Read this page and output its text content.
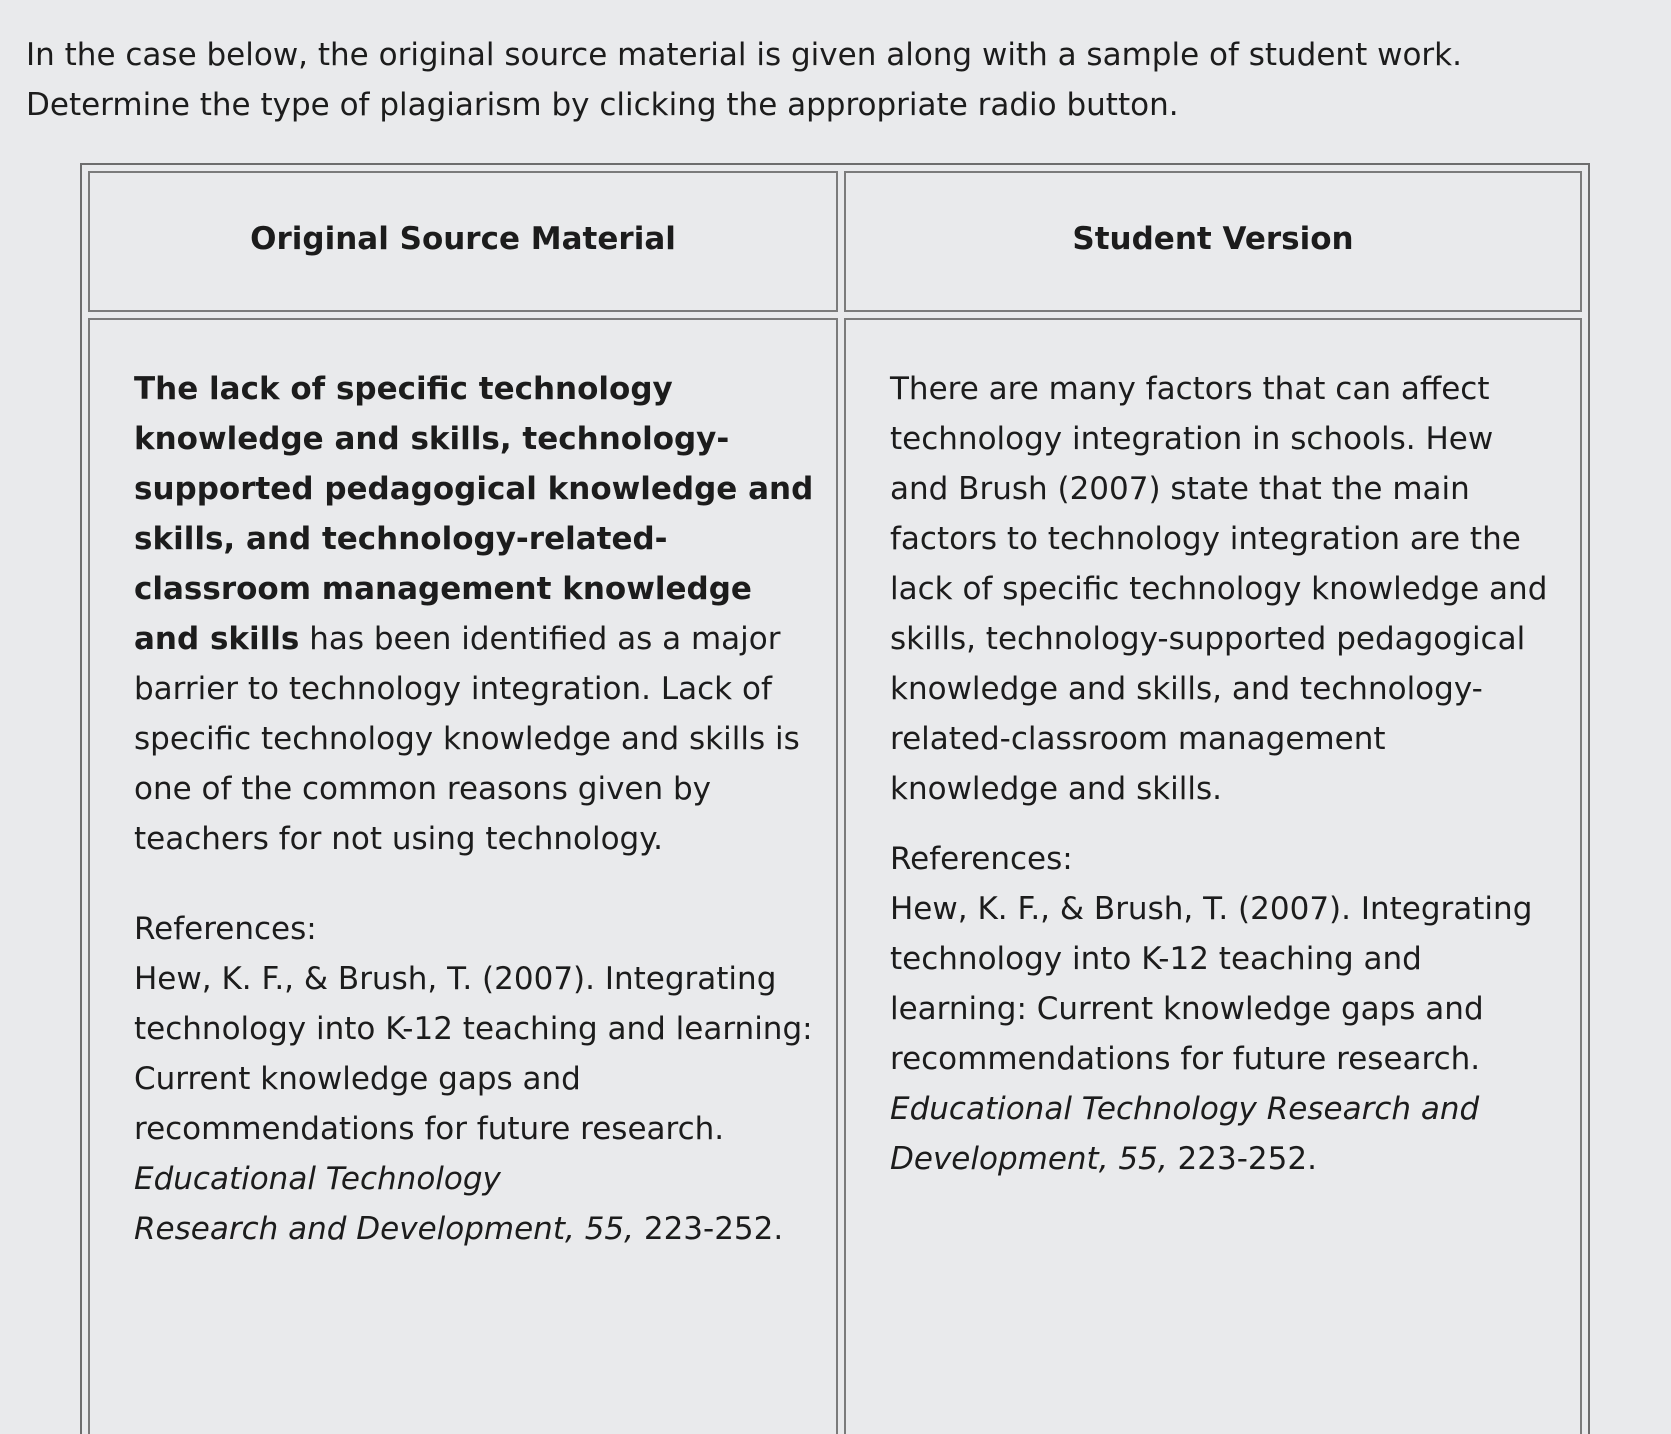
In the case below, the original source material is given along with a sample of student work.
Determine the type of plagiarism by clicking the appropriate radio button.

Original Source Material	Student Version

The lack of specific technology knowledge and skills, technology-supported pedagogical knowledge and skills, and technology-related-classroom management knowledge and skills has been identified as a major barrier to technology integration. Lack of specific technology knowledge and skills is one of the common reasons given by teachers for not using technology.

References:

Hew, K. F., & Brush, T. (2007). Integrating technology into K-12 teaching and learning: Current knowledge gaps and recommendations for future research. Educational Technology
Research and Development, 55, 223-252.

There are many factors that can affect technology integration in schools. Hew and Brush (2007) state that the main factors to technology integration are the lack of specific technology knowledge and skills, technology-supported pedagogical knowledge and skills, and technology-related-classroom management knowledge and skills.

References:

Hew, K. F., & Brush, T. (2007). Integrating technology into K-12 teaching and learning: Current knowledge gaps and recommendations for future research. Educational Technology Research and Development, 55, 223-252.
